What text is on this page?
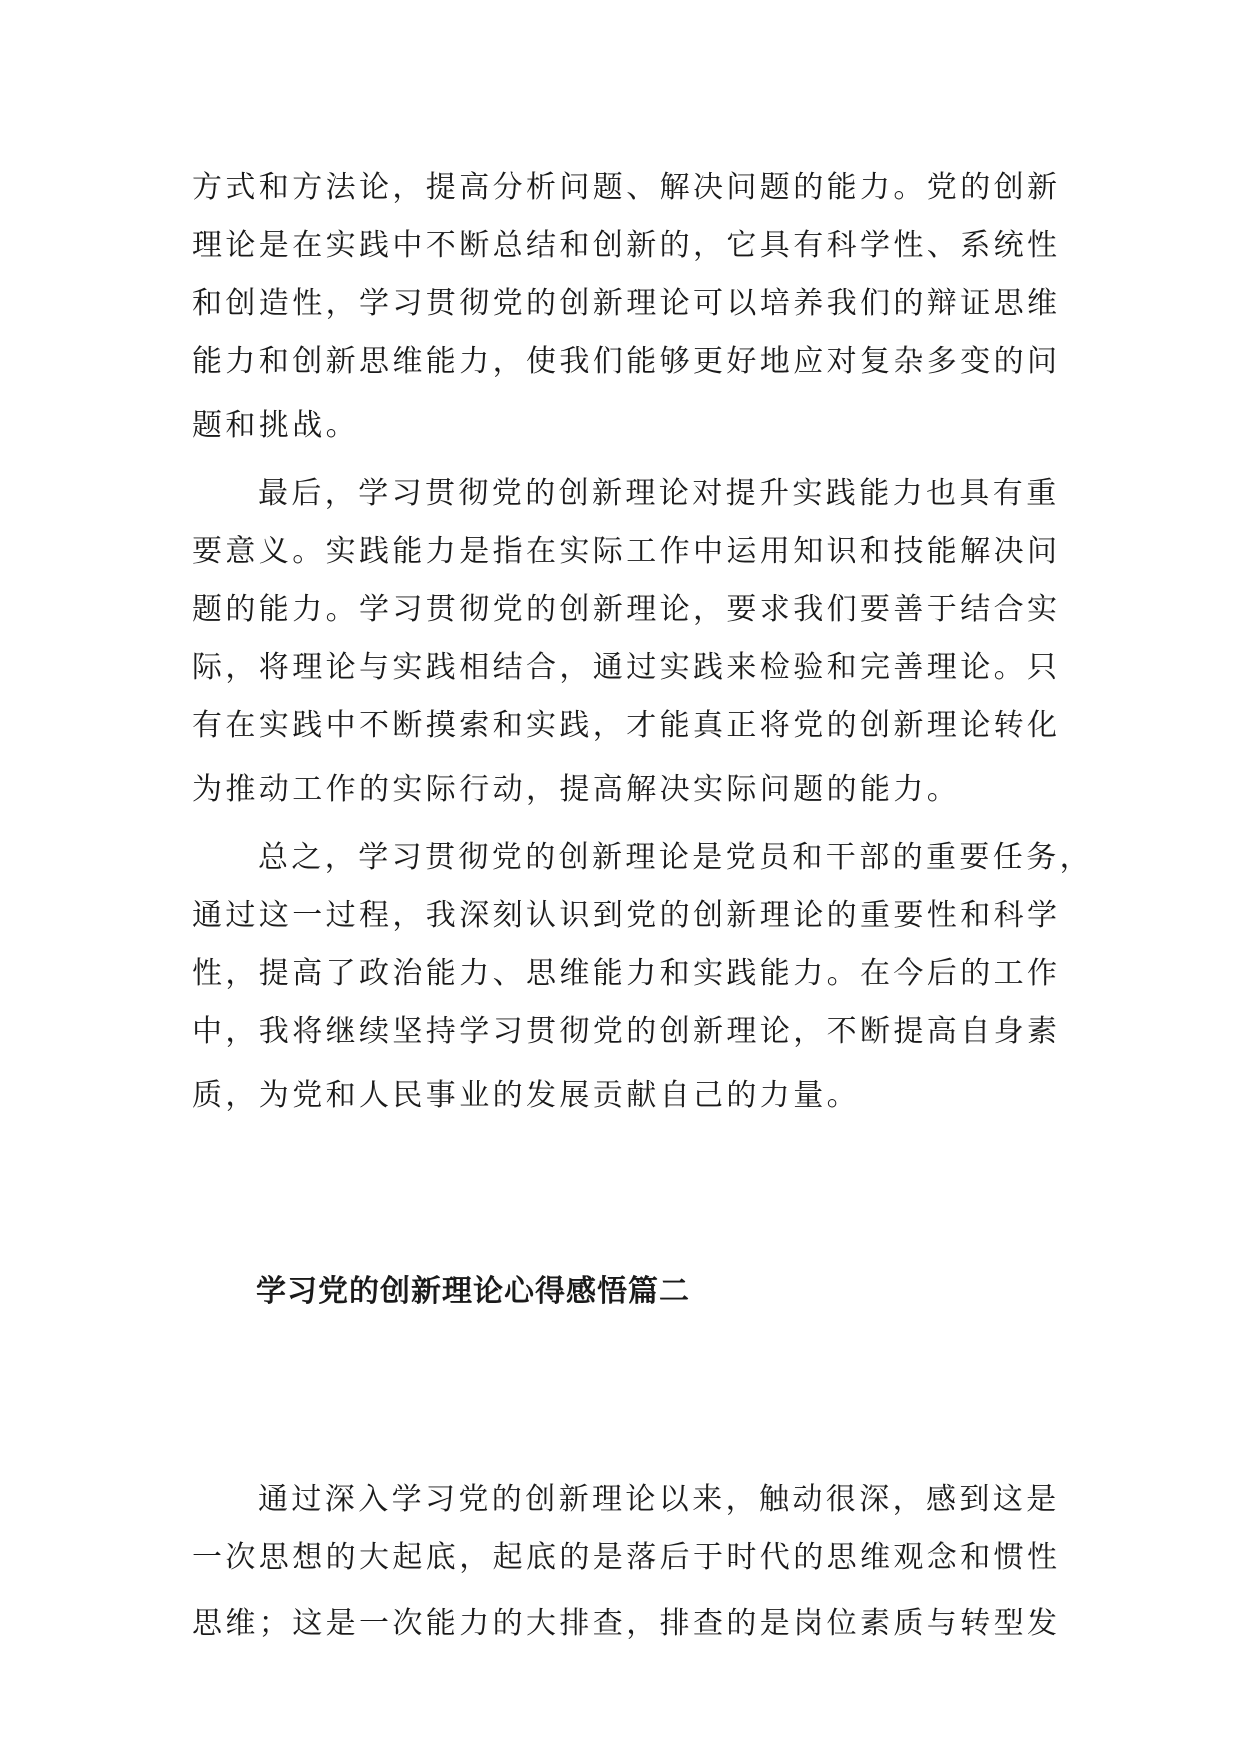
方式和方法论，提高分析问题、解决问题的能力。党的创新
理论是在实践中不断总结和创新的，它具有科学性、系统性
和创造性，学习贯彻党的创新理论可以培养我们的辩证思维
能力和创新思维能力，使我们能够更好地应对复杂多变的问
题和挑战。
最后，学习贯彻党的创新理论对提升实践能力也具有重
要意义。实践能力是指在实际工作中运用知识和技能解决问
题的能力。学习贯彻党的创新理论，要求我们要善于结合实
际，将理论与实践相结合，通过实践来检验和完善理论。只
有在实践中不断摸索和实践，才能真正将党的创新理论转化
为推动工作的实际行动，提高解决实际问题的能力。
总之，学习贯彻党的创新理论是党员和干部的重要任务，
通过这一过程，我深刻认识到党的创新理论的重要性和科学
性，提高了政治能力、思维能力和实践能力。在今后的工作
中，我将继续坚持学习贯彻党的创新理论，不断提高自身素
质，为党和人民事业的发展贡献自己的力量。
学习党的创新理论心得感悟篇二
通过深入学习党的创新理论以来，触动很深，感到这是
一次思想的大起底，起底的是落后于时代的思维观念和惯性
思维；这是一次能力的大排查，排查的是岗位素质与转型发
